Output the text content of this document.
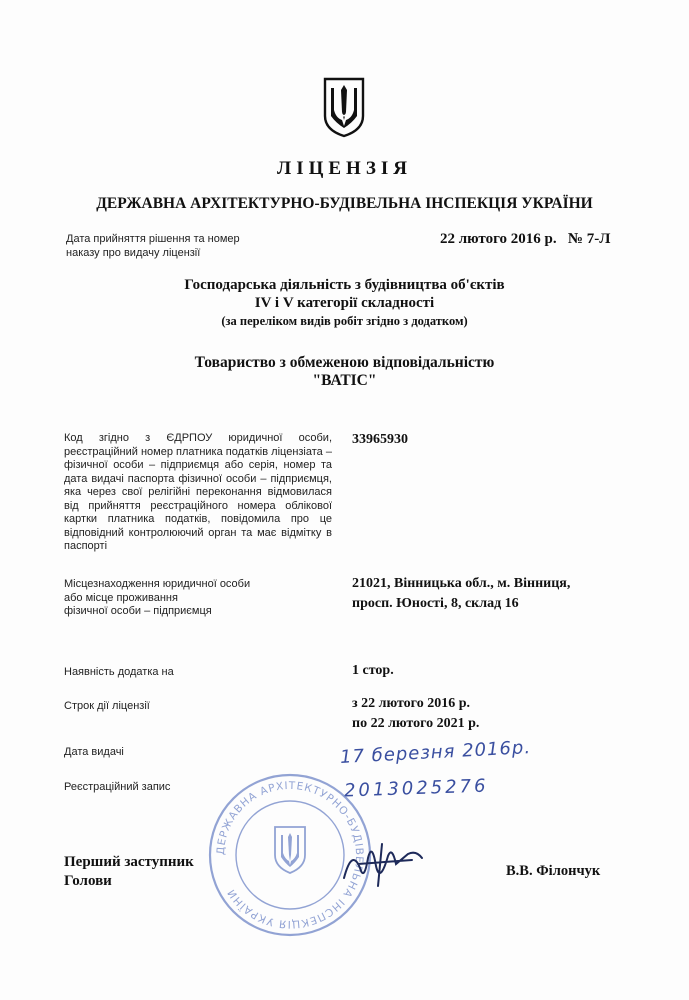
ЛІЦЕНЗІЯ
ДЕРЖАВНА АРХІТЕКТУРНО-БУДІВЕЛЬНА ІНСПЕКЦІЯ УКРАЇНИ
Дата прийняття рішення та номер
наказу про видачу ліцензії
22 лютого 2016 р.   № 7-Л
Господарська діяльність з будівництва об'єктів
IV і V категорії складності
(за переліком видів робіт згідно з додатком)
Товариство з обмеженою відповідальністю
"ВАТІС"
Код згідно з ЄДРПОУ юридичної особи, реєстраційний номер платника податків ліцензіата – фізичної особи – підприємця або серія, номер та дата видачі паспорта фізичної особи – підприємця, яка через свої релігійні переконання відмовилася від прийняття реєстраційного номера облікової картки платника податків, повідомила про це відповідний контролюючий орган та має відмітку в паспорті
33965930
Місцезнаходження юридичної особи
або місце проживання
фізичної особи – підприємця
21021, Вінницька обл., м. Вінниця,
просп. Юності, 8, склад 16
Наявність додатка на	1 стор.
Строк дії ліцензії	з 22 лютого 2016 р.
по 22 лютого 2021 р.
Дата видачі	17 березня 2016р.
Реєстраційний запис	2013025276
ДЕРЖАВНА АРХІТЕКТУРНО-БУДІВЕЛЬНА ІНСПЕКЦІЯ УКРАЇНИ
Перший заступник
Голови
В.В. Філончук
